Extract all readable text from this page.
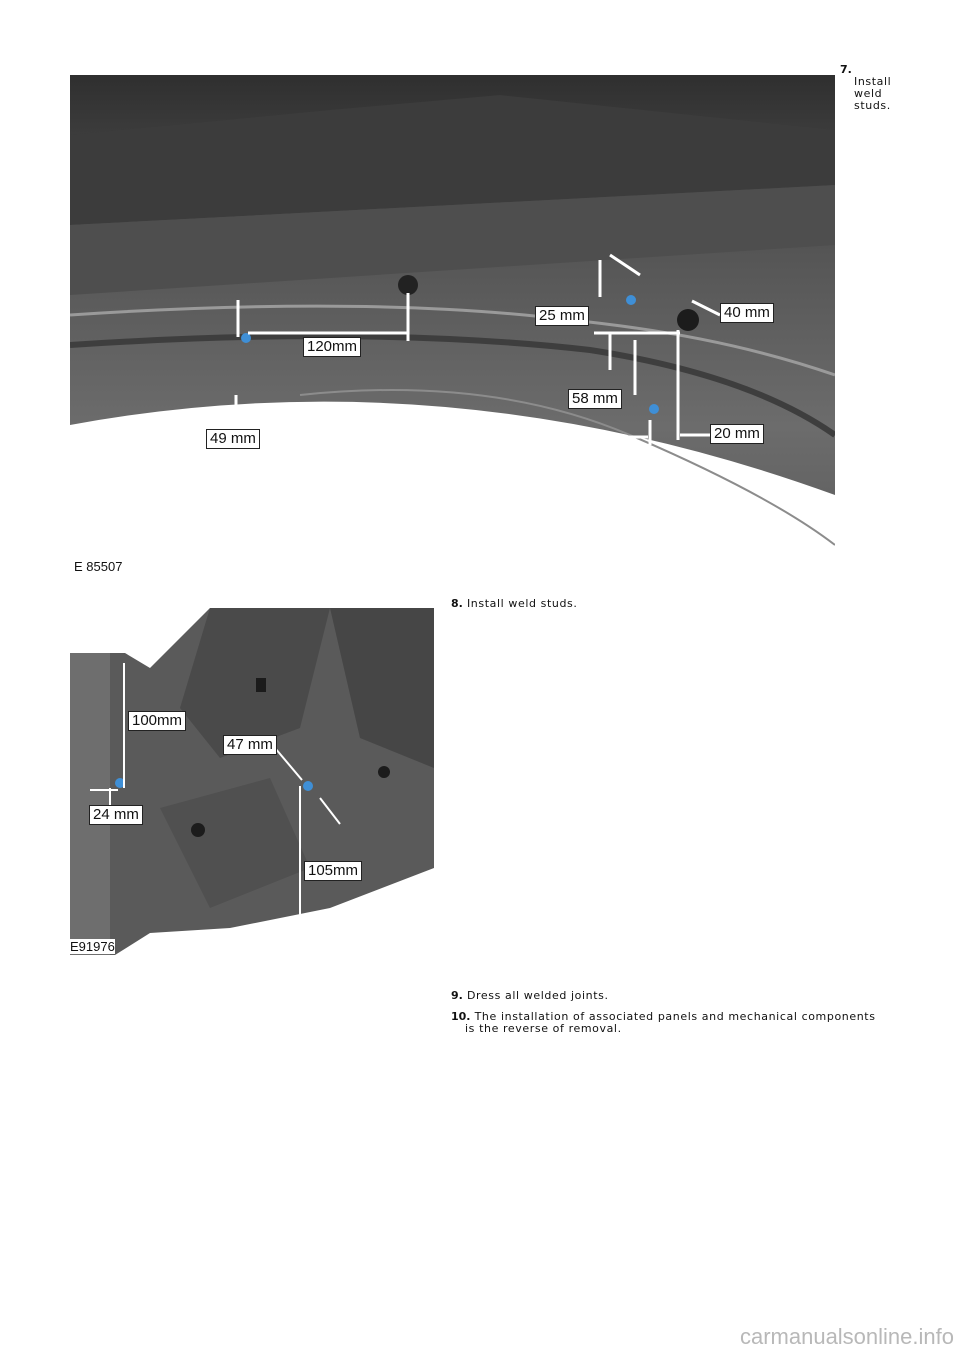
7.

Install
weld
studs.
120mm
25 mm	40 mm
58 mm
20 mm
49 mm
E 85507
8. Install weld studs.
100mm
47 mm
24 mm
105mm
E91976
9. Dress all welded joints.
10. The installation of associated panels and mechanical components
is the reverse of removal.
carmanualsonline.info
